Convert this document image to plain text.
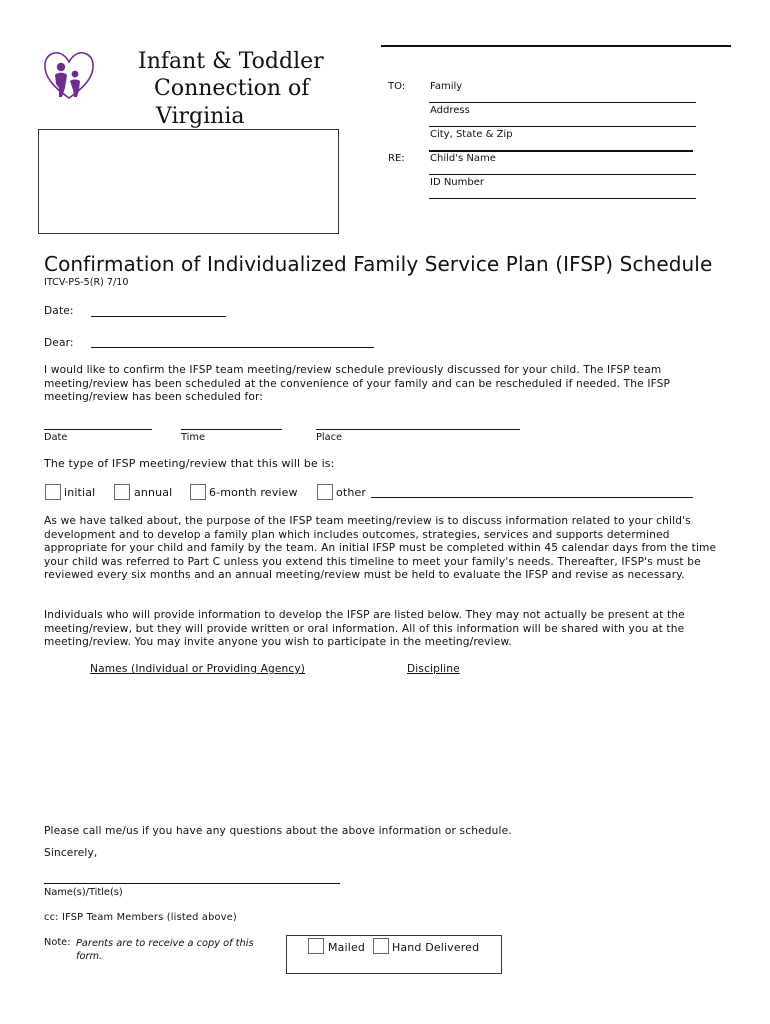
Infant & Toddler
Connection of
Virginia
TO: Family
Address
City, State & Zip
RE:	Child's Name
ID Number
Confirmation of Individualized Family Service Plan (IFSP) Schedule
ITCV-PS-5(R) 7/10
Date:
Dear:
I would like to confirm the IFSP team meeting/review schedule previously discussed for your child. The IFSP team meeting/review has been scheduled at the convenience of your family and can be rescheduled if needed. The IFSP meeting/review has been scheduled for:
Date	Time	Place
The type of IFSP meeting/review that this will be is:
initial	annual	6-month review	other
As we have talked about, the purpose of the IFSP team meeting/review is to discuss information related to your child's development and to develop a family plan which includes outcomes, strategies, services and supports determined appropriate for your child and family by the team. An initial IFSP must be completed within 45 calendar days from the time your child was referred to Part C unless you extend this timeline to meet your family's needs. Thereafter, IFSP's must be reviewed every six months and an annual meeting/review must be held to evaluate the IFSP and revise as necessary.
Individuals who will provide information to develop the IFSP are listed below. They may not actually be present at the meeting/review, but they will provide written or oral information. All of this information will be shared with you at the meeting/review. You may invite anyone you wish to participate in the meeting/review.
Names (Individual or Providing Agency)	Discipline
Please call me/us if you have any questions about the above information or schedule.
Sincerely,
Name(s)/Title(s)
cc: IFSP Team Members (listed above)
Note: Parents are to receive a copy of this form.
Mailed Hand Delivered
